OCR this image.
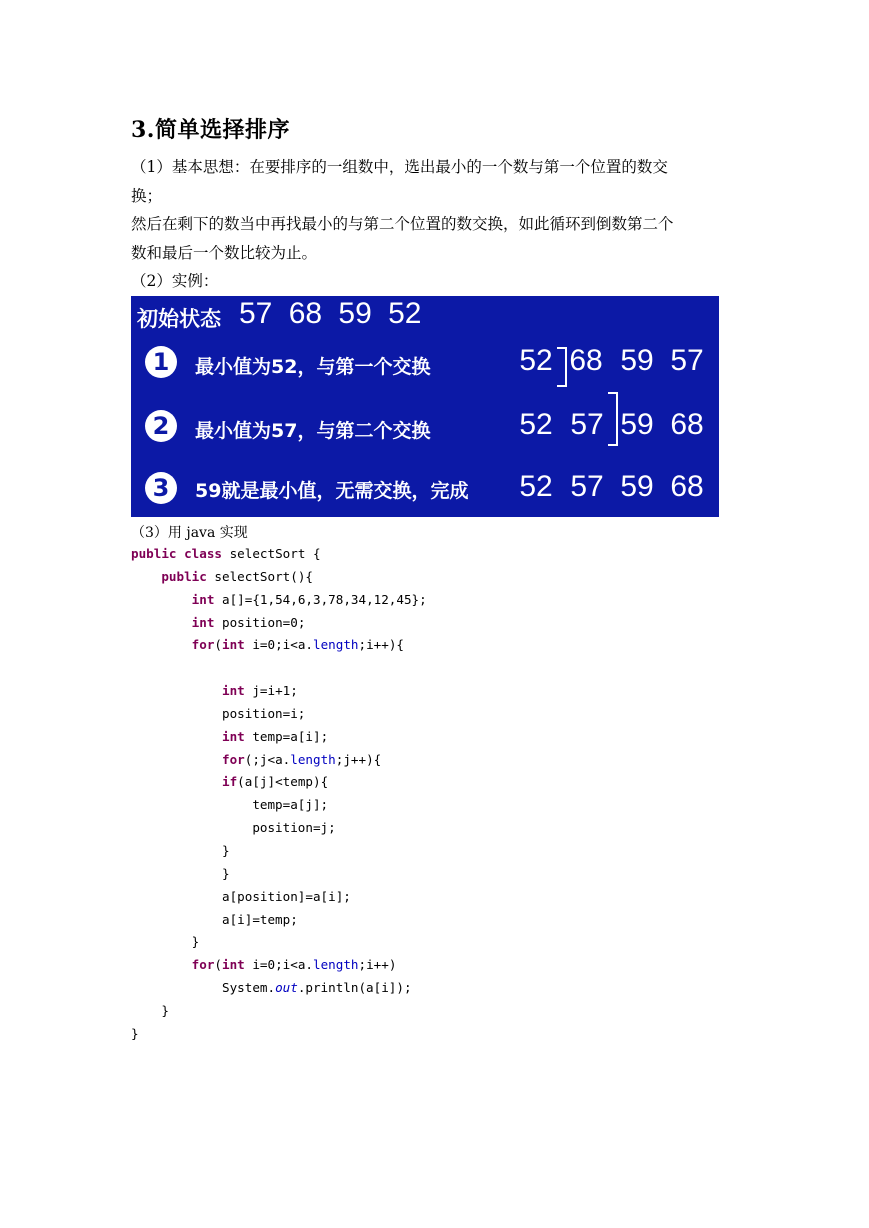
3.简单选择排序
（1）基本思想：在要排序的一组数中，选出最小的一个数与第一个位置的数交
换；
然后在剩下的数当中再找最小的与第二个位置的数交换，如此循环到倒数第二个
数和最后一个数比较为止。
（2）实例：
初始状态 57 68 59 52
1	最小值为52，与第一个交换	52 68 59 57
2	最小值为57，与第二个交换	52 57 59 68
3	59就是最小值，无需交换，完成 52 57 59 68
（3）用 java 实现
public class selectSort {
public selectSort(){
int a[]={1,54,6,3,78,34,12,45};
int position=0;
for(int i=0;i<a.length;i++){
int j=i+1;
position=i;
int temp=a[i];
for(;j<a.length;j++){
if(a[j]<temp){
temp=a[j];
position=j;
}
}
a[position]=a[i];
a[i]=temp;
}
for(int i=0;i<a.length;i++)
System.out.println(a[i]);
}
}
